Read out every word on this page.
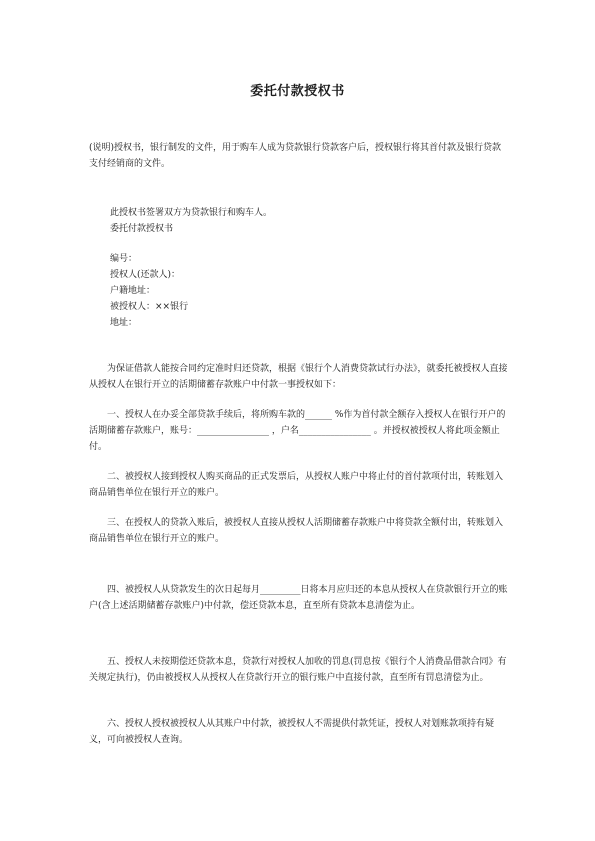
委托付款授权书

(说明)授权书，银行制发的文件，用于购车人成为贷款银行贷款客户后，授权银行将其首付款及银行贷款支付经销商的文件。

此授权书签署双方为贷款银行和购车人。
委托付款授权书
编号：
授权人(还款人)：
户籍地址：
被授权人：××银行
地址：

为保证借款人能按合同约定准时归还贷款，根据《银行个人消费贷款试行办法》，就委托被授权人直接从授权人在银行开立的活期储蓄存款账户中付款一事授权如下：

一、授权人在办妥全部贷款手续后，将所购车款的______ %作为首付款全额存入授权人在银行开户的活期储蓄存款账户，账号：________________ ，户名________________ 。并授权被授权人将此项金额止付。

二、被授权人接到授权人购买商品的正式发票后，从授权人账户中将止付的首付款项付出，转账划入商品销售单位在银行开立的账户。

三、在授权人的贷款入账后，被授权人直接从授权人活期储蓄存款账户中将贷款全额付出，转账划入商品销售单位在银行开立的账户。

四、被授权人从贷款发生的次日起每月_________日将本月应归还的本息从授权人在贷款银行开立的账户(含上述活期储蓄存款账户)中付款，偿还贷款本息，直至所有贷款本息清偿为止。

五、授权人未按期偿还贷款本息，贷款行对授权人加收的罚息(罚息按《银行个人消费品借款合同》有关规定执行)，仍由被授权人从授权人在贷款行开立的银行账户中直接付款，直至所有罚息清偿为止。

六、授权人授权被授权人从其账户中付款，被授权人不需提供付款凭证，授权人对划账款项持有疑义，可向被授权人查询。
